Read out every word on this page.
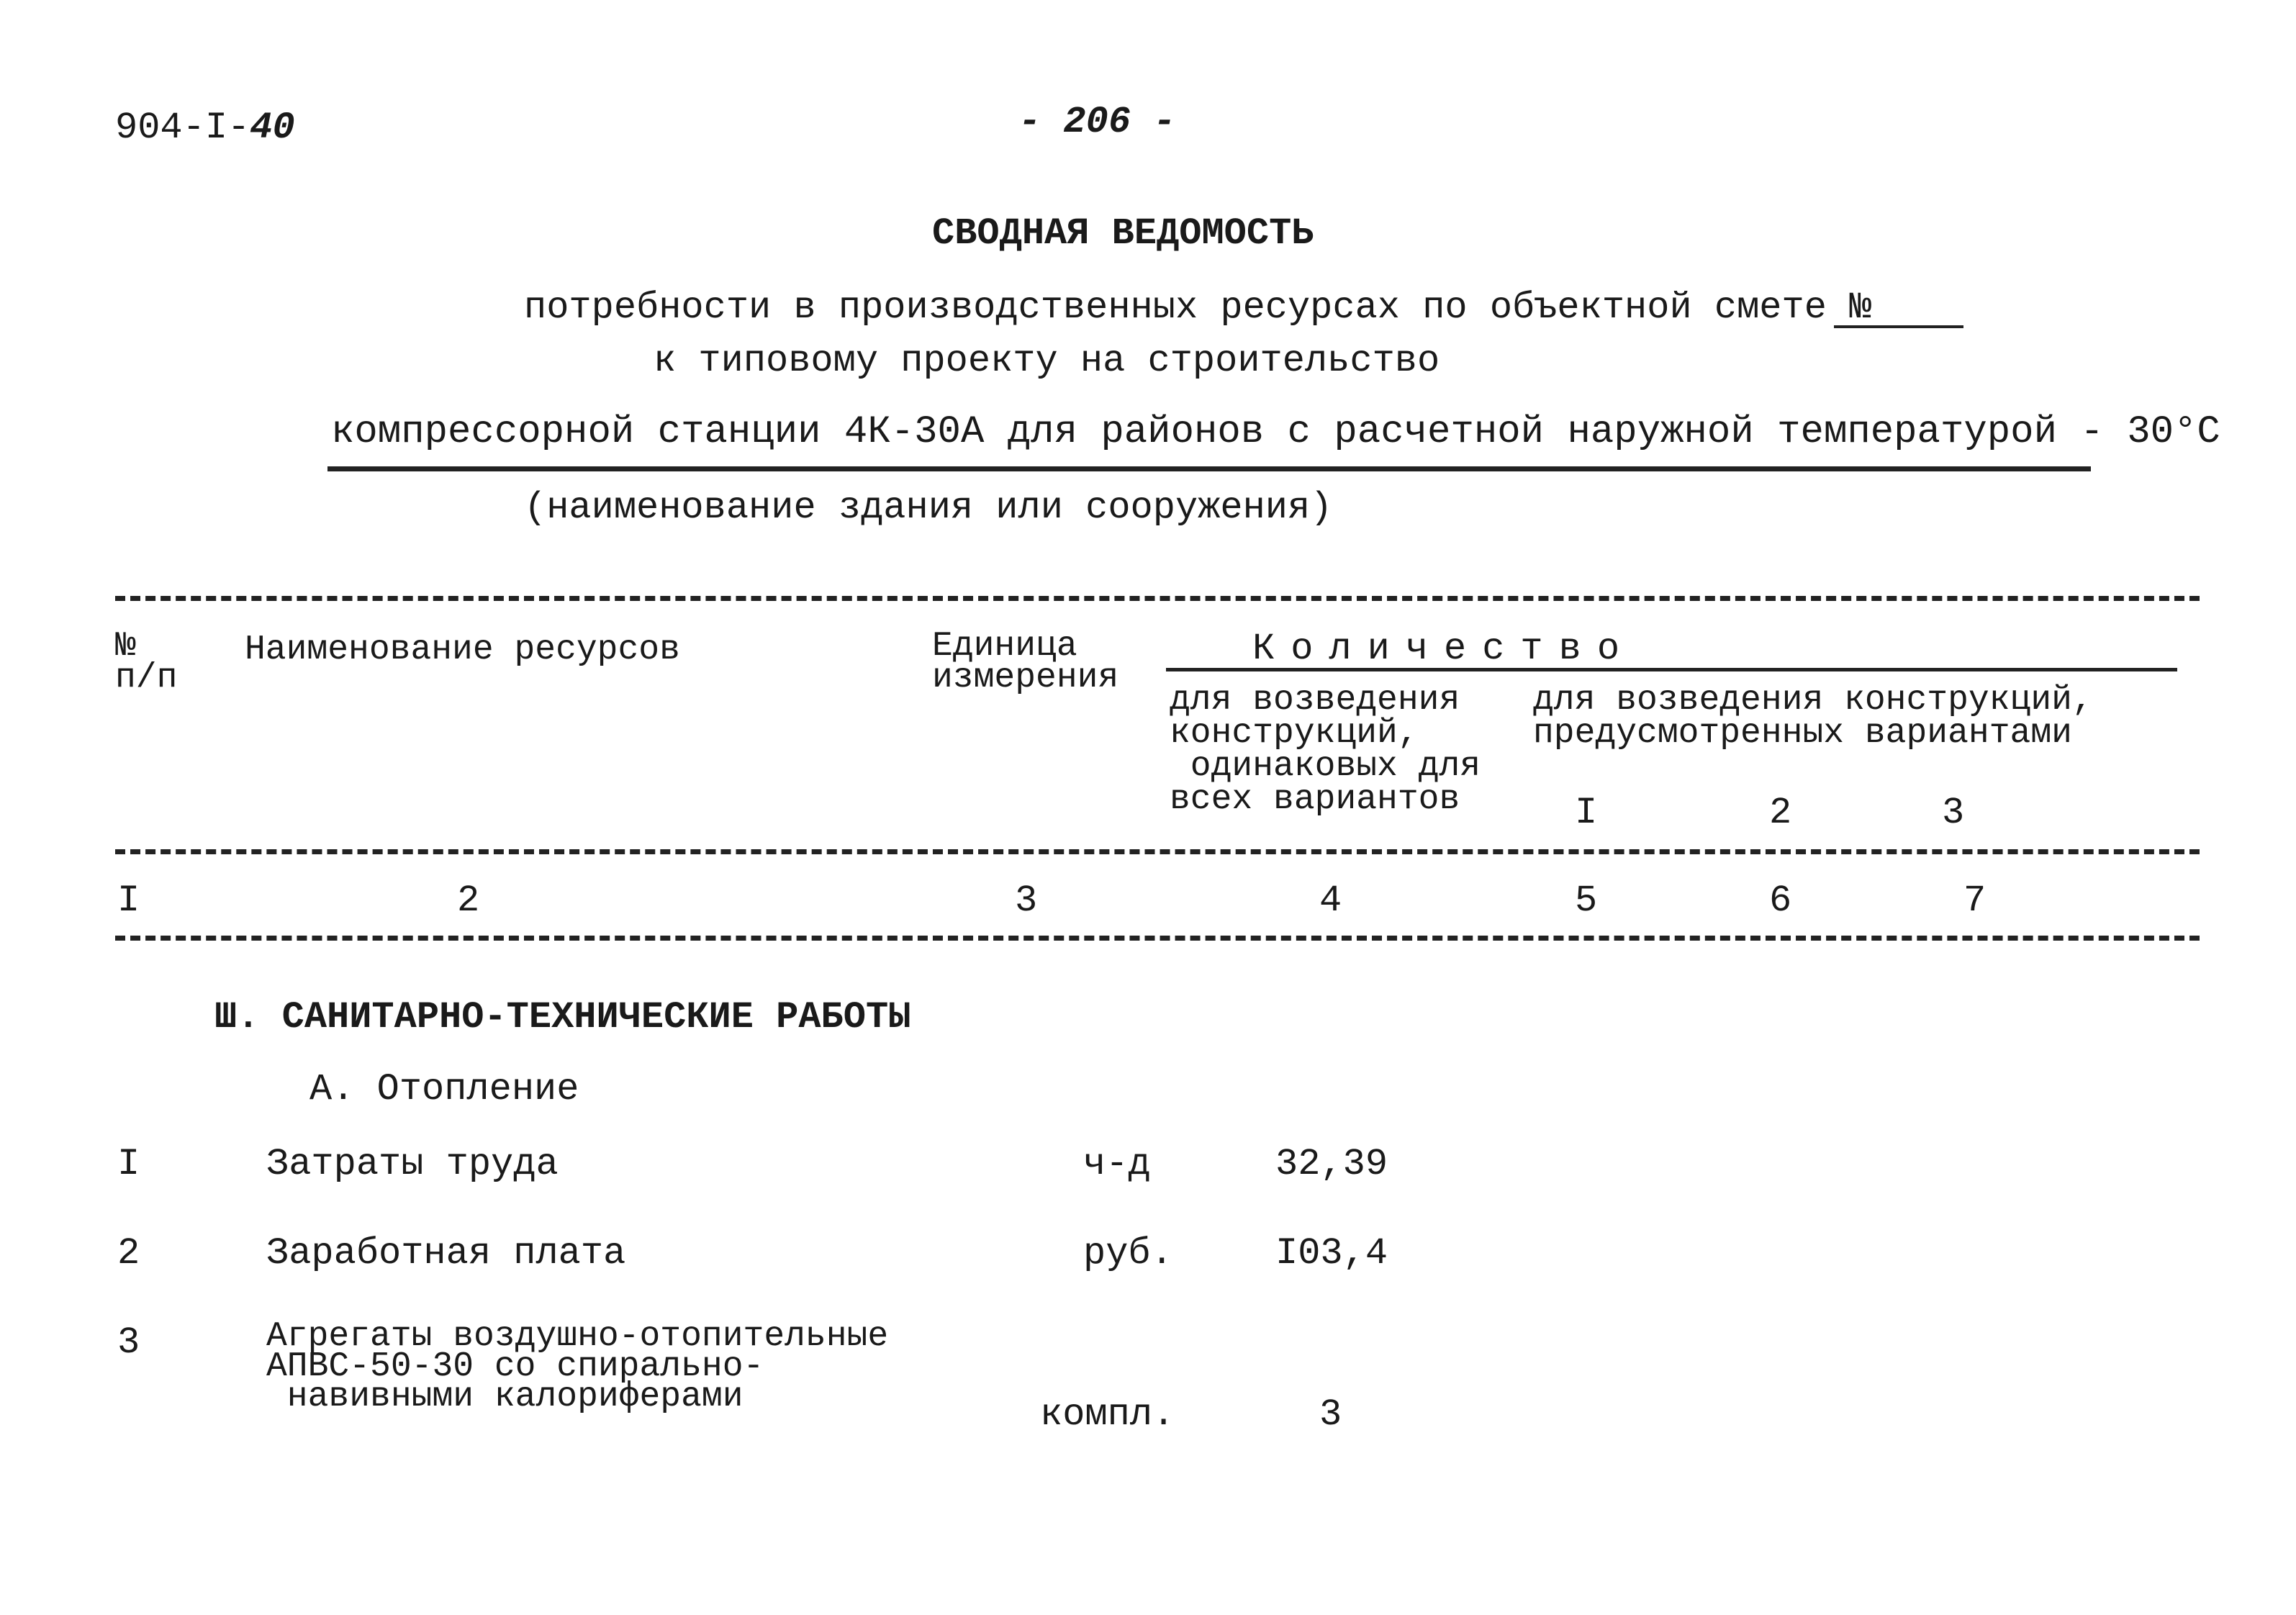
904-I-40	- 206 -
СВОДНАЯ ВЕДОМОСТЬ
потребности в производственных ресурсах по объектной смете №
к типовому проекту на строительство
компрессорной станции 4К-30А для районов с расчетной наружной температурой - 30°С
(наименование здания или сооружения)
№
п/п
Наименование ресурсов	Единица
измерения
Количество
для возведения
конструкций,
одинаковых для
всех вариантов
для возведения конструкций,
предусмотренных вариантами
I	2	3
I	2	3	4	5	6	7
Ш. САНИТАРНО-ТЕХНИЧЕСКИЕ РАБОТЫ
А. Отопление
I	Затраты труда	ч-д	32,39
2	Заработная плата	руб.	I03,4
3	Агрегаты воздушно-отопительные
АПВС-50-30 со спирально-
навивными калориферами	компл.	3
